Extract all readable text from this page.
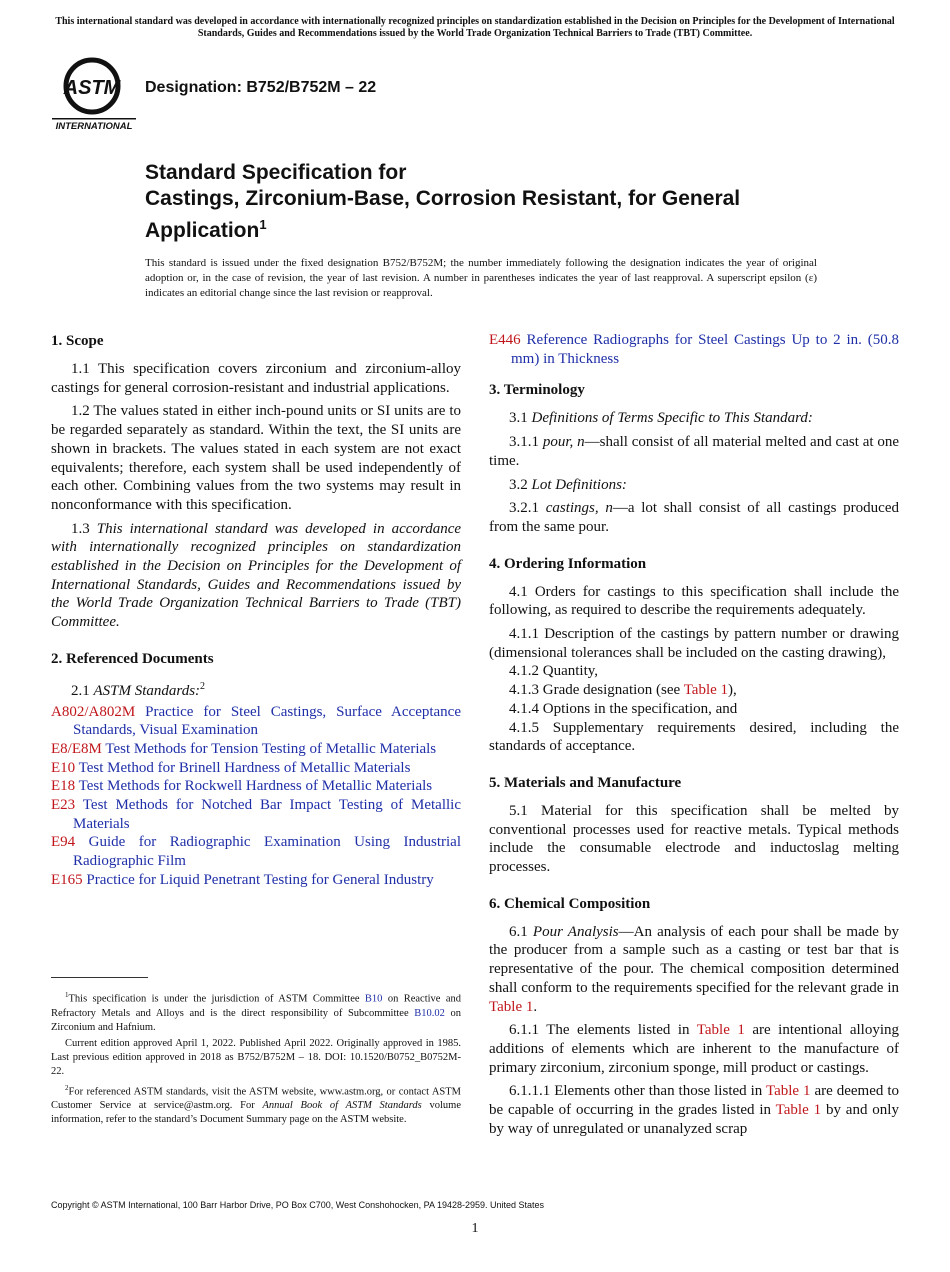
This international standard was developed in accordance with internationally recognized principles on standardization established in the Decision on Principles for the Development of International Standards, Guides and Recommendations issued by the World Trade Organization Technical Barriers to Trade (TBT) Committee.
ASTM
INTERNATIONAL
Designation: B752/B752M – 22
Standard Specification for
Castings, Zirconium-Base, Corrosion Resistant, for General Application$^1$
This standard is issued under the fixed designation B752/B752M; the number immediately following the designation indicates the year of original adoption or, in the case of revision, the year of last revision. A number in parentheses indicates the year of last reapproval. A superscript epsilon (ε) indicates an editorial change since the last revision or reapproval.
1. Scope

1.1 This specification covers zirconium and zirconium-alloy castings for general corrosion-resistant and industrial applications.

1.2 The values stated in either inch-pound units or SI units are to be regarded separately as standard. Within the text, the SI units are shown in brackets. The values stated in each system are not exact equivalents; therefore, each system shall be used independently of each other. Combining values from the two systems may result in nonconformance with this specification.

1.3 This international standard was developed in accordance with internationally recognized principles on standardization established in the Decision on Principles for the Development of International Standards, Guides and Recommendations issued by the World Trade Organization Technical Barriers to Trade (TBT) Committee.

2. Referenced Documents

2.1 ASTM Standards:$^2$

A802/A802M Practice for Steel Castings, Surface Acceptance Standards, Visual Examination
E8/E8M Test Methods for Tension Testing of Metallic Materials
E10 Test Method for Brinell Hardness of Metallic Materials
E18 Test Methods for Rockwell Hardness of Metallic Materials
E23 Test Methods for Notched Bar Impact Testing of Metallic Materials
E94 Guide for Radiographic Examination Using Industrial Radiographic Film
E165 Practice for Liquid Penetrant Testing for General Industry
E446 Reference Radiographs for Steel Castings Up to 2 in. (50.8 mm) in Thickness
3. Terminology

3.1 Definitions of Terms Specific to This Standard:

3.1.1 pour, n—shall consist of all material melted and cast at one time.

3.2 Lot Definitions:

3.2.1 castings, n—a lot shall consist of all castings produced from the same pour.

4. Ordering Information

4.1 Orders for castings to this specification shall include the following, as required to describe the requirements adequately.

4.1.1 Description of the castings by pattern number or drawing (dimensional tolerances shall be included on the casting drawing),

4.1.2 Quantity,

4.1.3 Grade designation (see Table 1),

4.1.4 Options in the specification, and

4.1.5 Supplementary requirements desired, including the standards of acceptance.

5. Materials and Manufacture

5.1 Material for this specification shall be melted by conventional processes used for reactive metals. Typical methods include the consumable electrode and inductoslag melting processes.

6. Chemical Composition

6.1 Pour Analysis—An analysis of each pour shall be made by the producer from a sample such as a casting or test bar that is representative of the pour. The chemical composition determined shall conform to the requirements specified for the relevant grade in Table 1.

6.1.1 The elements listed in Table 1 are intentional alloying additions of elements which are inherent to the manufacture of primary zirconium, zirconium sponge, mill product or castings.

6.1.1.1 Elements other than those listed in Table 1 are deemed to be capable of occurring in the grades listed in Table 1 by and only by way of unregulated or unanalyzed scrap

$^1$This specification is under the jurisdiction of ASTM Committee B10 on Reactive and Refractory Metals and Alloys and is the direct responsibility of Subcommittee B10.02 on Zirconium and Hafnium.

Current edition approved April 1, 2022. Published April 2022. Originally approved in 1985. Last previous edition approved in 2018 as B752/B752M – 18. DOI: 10.1520/B0752_B0752M-22.

$^2$For referenced ASTM standards, visit the ASTM website, www.astm.org, or contact ASTM Customer Service at service@astm.org. For Annual Book of ASTM Standards volume information, refer to the standard’s Document Summary page on the ASTM website.

Copyright © ASTM International, 100 Barr Harbor Drive, PO Box C700, West Conshohocken, PA 19428-2959. United States
1
